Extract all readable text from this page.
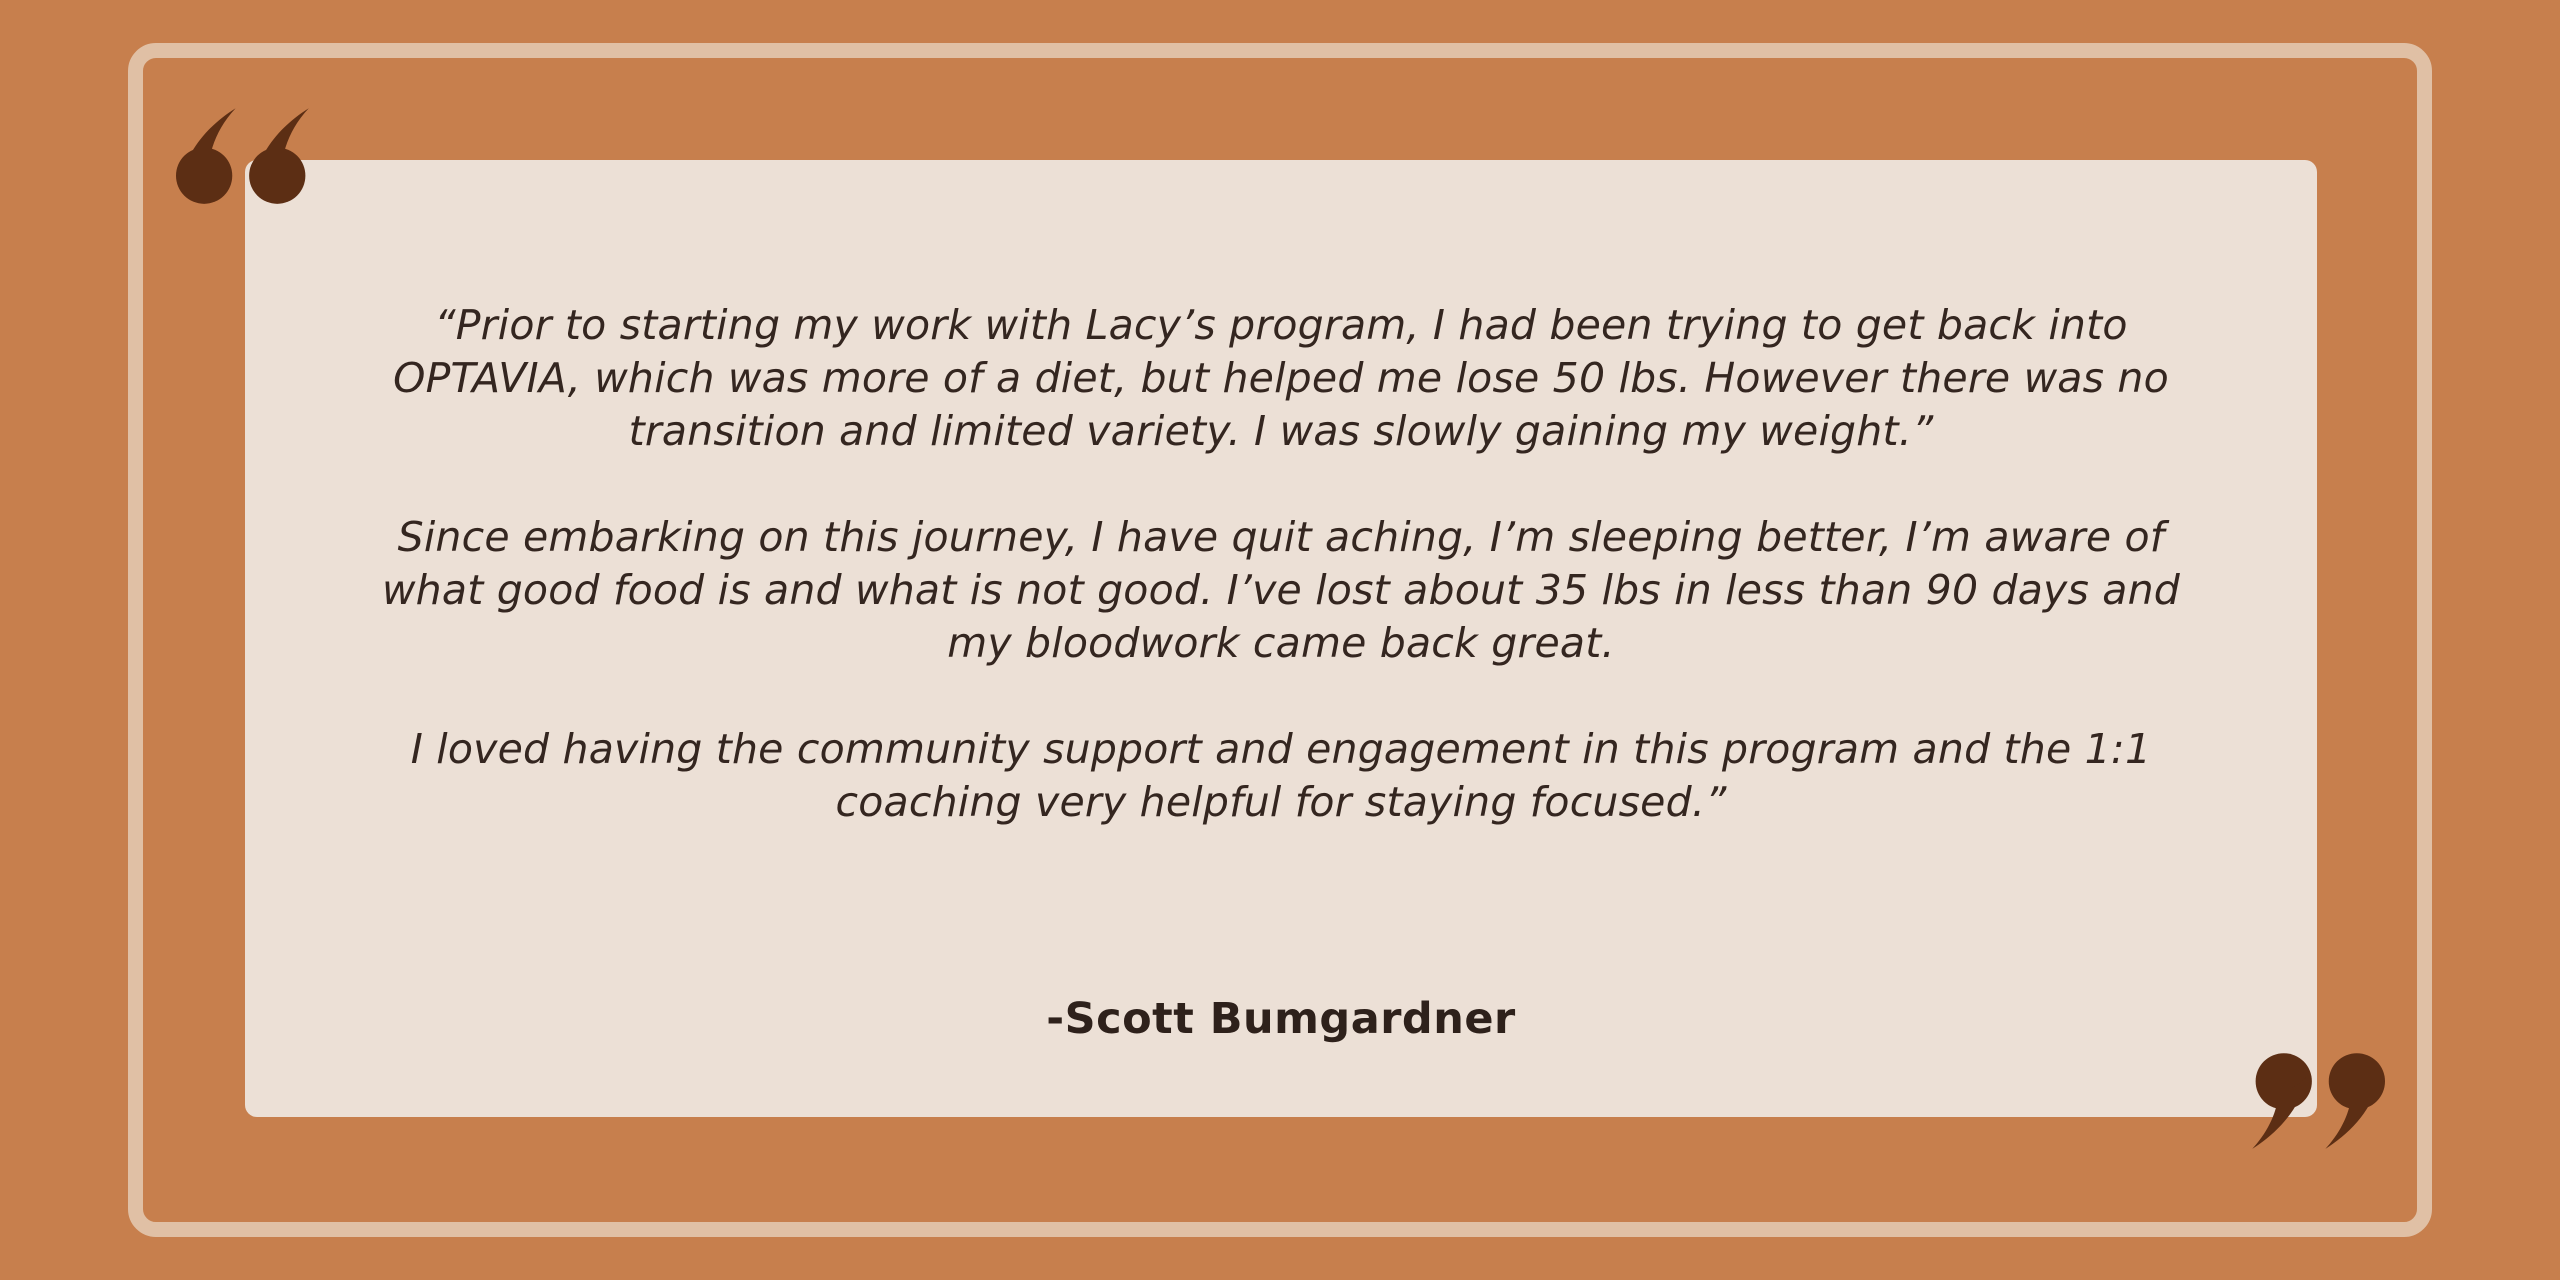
“Prior to starting my work with Lacy’s program, I had been trying to get back into OPTAVIA, which was more of a diet, but helped me lose 50 lbs. However there was no transition and limited variety. I was slowly gaining my weight.”

Since embarking on this journey, I have quit aching, I’m sleeping better, I’m aware of what good food is and what is not good. I’ve lost about 35 lbs in less than 90 days and my bloodwork came back great.

I loved having the community support and engagement in this program and the 1:1 coaching very helpful for staying focused.”

-Scott Bumgardner
